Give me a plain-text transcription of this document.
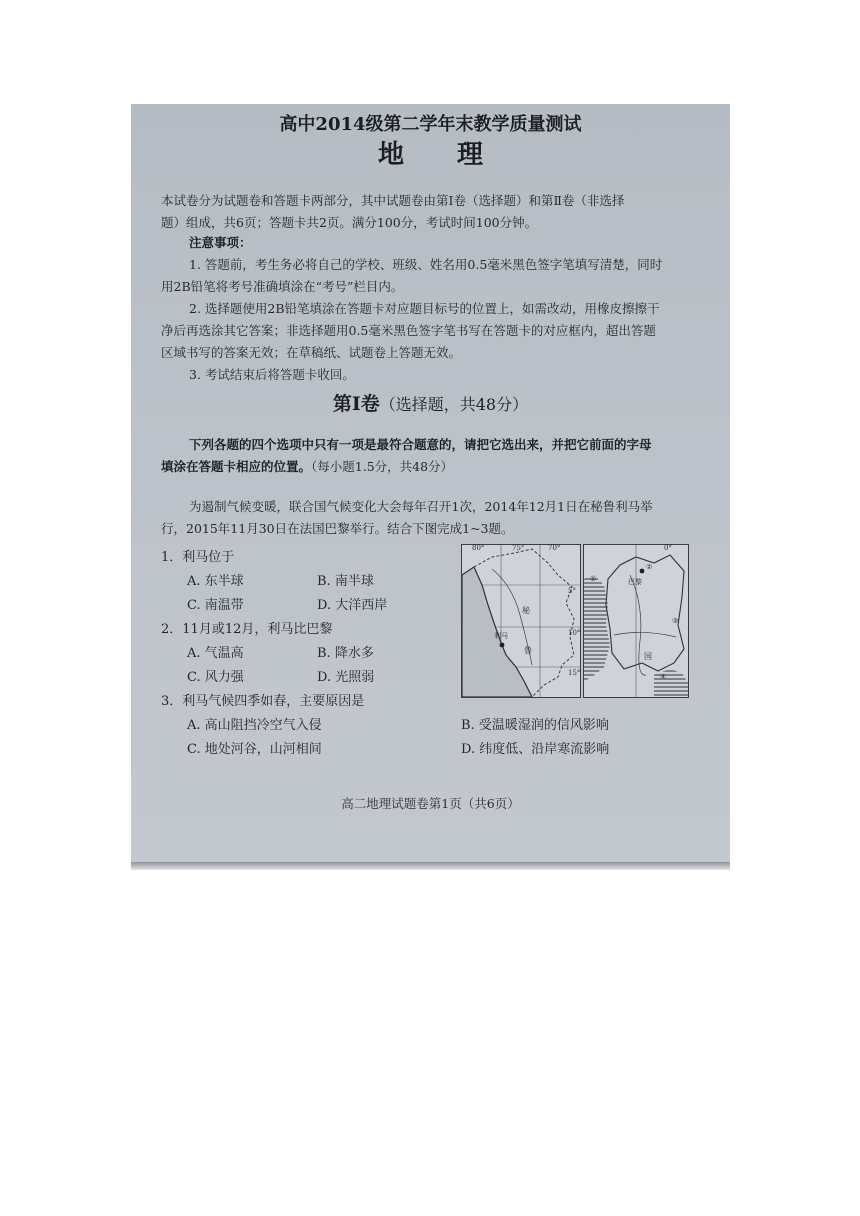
高中2014级第二学年末教学质量测试
地 理
本试卷分为试题卷和答题卡两部分，其中试题卷由第Ⅰ卷（选择题）和第Ⅱ卷（非选择
题）组成，共6页；答题卡共2页。满分100分，考试时间100分钟。
注意事项：
1. 答题前，考生务必将自己的学校、班级、姓名用0.5毫米黑色签字笔填写清楚，同时
用2B铅笔将考号准确填涂在“考号”栏目内。
2. 选择题使用2B铅笔填涂在答题卡对应题目标号的位置上，如需改动，用橡皮擦擦干
净后再选涂其它答案；非选择题用0.5毫米黑色签字笔书写在答题卡的对应框内，超出答题
区域书写的答案无效；在草稿纸、试题卷上答题无效。
3. 考试结束后将答题卡收回。
第Ⅰ卷（选择题，共48分）
下列各题的四个选项中只有一项是最符合题意的，请把它选出来，并把它前面的字母
填涂在答题卡相应的位置。（每小题1.5分，共48分）
为遏制气候变暖，联合国气候变化大会每年召开1次，2014年12月1日在秘鲁利马举
行，2015年11月30日在法国巴黎举行。结合下图完成1~3题。
1．利马位于
A. 东半球	B. 南半球
C. 南温带	D. 大洋西岸
2．11月或12月，利马比巴黎
A. 气温高	B. 降水多
C. 风力强	D. 光照弱
3．利马气候四季如春，主要原因是
A. 高山阻挡冷空气入侵	B. 受温暖湿润的信风影响
C. 地处河谷，山河相间	D. 纬度低、沿岸寒流影响
80°	75°	70°
5°
10°
15°
秘
鲁
利马
0°
巴黎
①
②
③
④
国
高二地理试题卷第1页（共6页）
